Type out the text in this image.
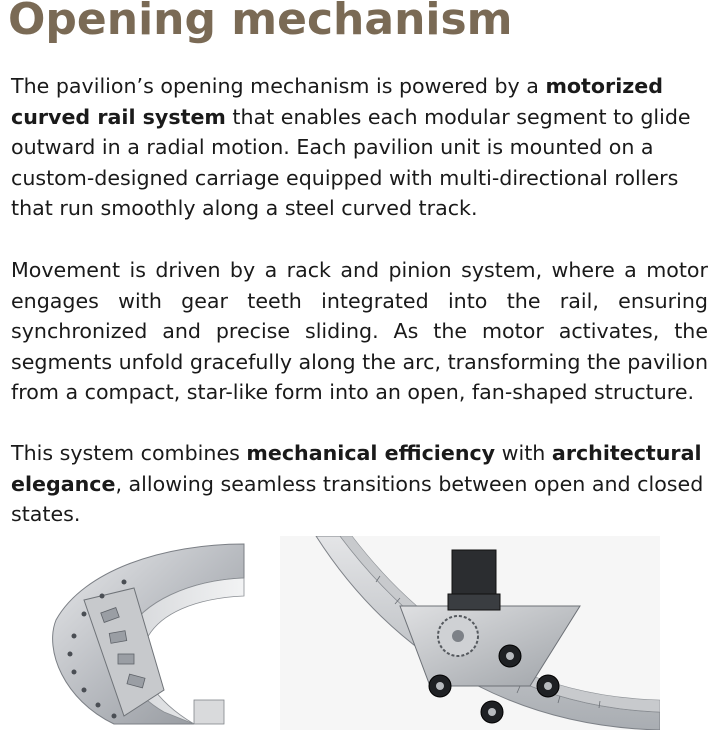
Opening mechanism

The pavilion’s opening mechanism is powered by a motorized curved rail system that enables each modular segment to glide outward in a radial motion. Each pavilion unit is mounted on a custom-designed carriage equipped with multi-directional rollers that run smoothly along a steel curved track.

Movement is driven by a rack and pinion system, where a motor engages with gear teeth integrated into the rail, ensuring synchronized and precise sliding. As the motor activates, the segments unfold gracefully along the arc, transforming the pavilion from a compact, star-like form into an open, fan-shaped structure.

This system combines mechanical efficiency with architectural elegance, allowing seamless transitions between open and closed states.
